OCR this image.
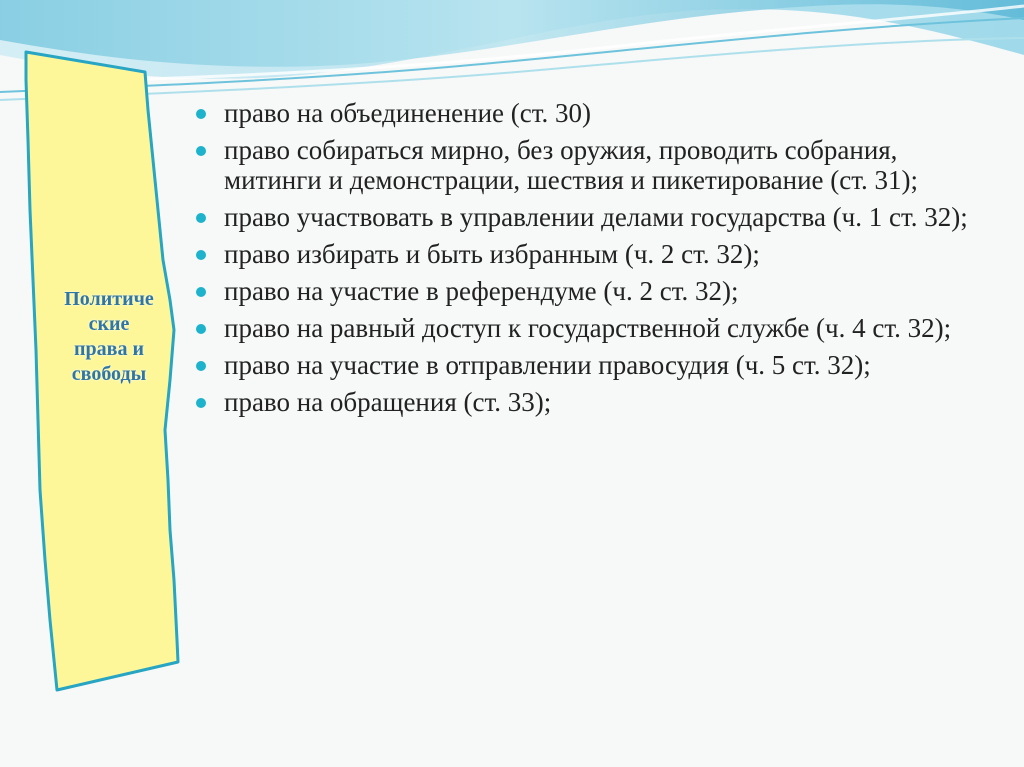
Политиче
ские
права и
свободы
право на объединенение (ст. 30)
право собираться мирно, без оружия, проводить собрания, митинги и демонстрации, шествия и пикетирование (ст. 31);
право участвовать в управлении делами государства (ч. 1 ст. 32);
право избирать и быть избранным (ч. 2 ст. 32);
право на участие в референдуме (ч. 2 ст. 32);
право на равный доступ к государственной службе (ч. 4 ст. 32);
право на участие в отправлении правосудия (ч. 5 ст. 32);
право на обращения (ст. 33);
